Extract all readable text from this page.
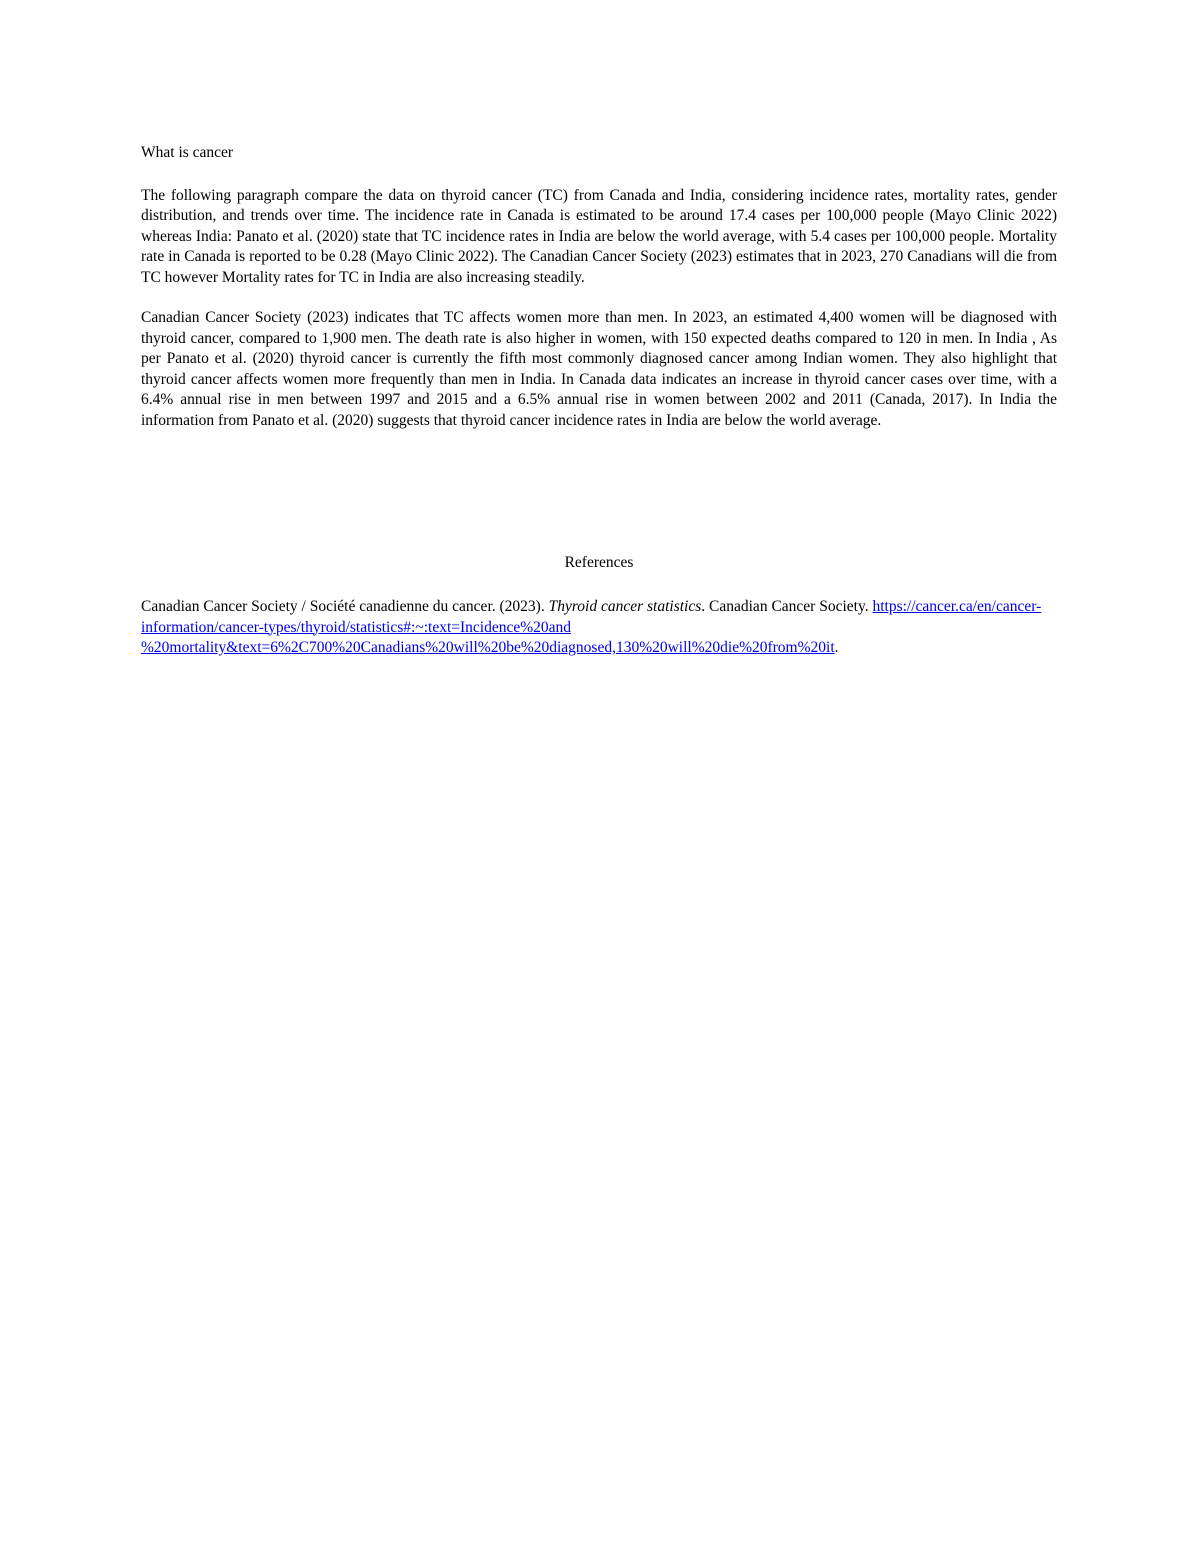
What is cancer

The following paragraph compare the data on thyroid cancer (TC) from Canada and India, considering incidence rates, mortality rates, gender distribution, and trends over time. The incidence rate in Canada is estimated to be around 17.4 cases per 100,000 people (Mayo Clinic 2022) whereas India: Panato et al. (2020) state that TC incidence rates in India are below the world average, with 5.4 cases per 100,000 people. Mortality rate in Canada is reported to be 0.28 (Mayo Clinic 2022). The Canadian Cancer Society (2023) estimates that in 2023, 270 Canadians will die from TC however Mortality rates for TC in India are also increasing steadily.

Canadian Cancer Society (2023) indicates that TC affects women more than men. In 2023, an estimated 4,400 women will be diagnosed with thyroid cancer, compared to 1,900 men. The death rate is also higher in women, with 150 expected deaths compared to 120 in men. In India , As per Panato et al. (2020) thyroid cancer is currently the fifth most commonly diagnosed cancer among Indian women. They also highlight that thyroid cancer affects women more frequently than men in India. In Canada data indicates an increase in thyroid cancer cases over time, with a 6.4% annual rise in men between 1997 and 2015 and a 6.5% annual rise in women between 2002 and 2011 (Canada, 2017). In India the information from Panato et al. (2020) suggests that thyroid cancer incidence rates in India are below the world average.

References

Canadian Cancer Society / Société canadienne du cancer. (2023). Thyroid cancer statistics. Canadian Cancer Society. https://cancer.ca/en/cancer-information/cancer-types/thyroid/statistics#:~:text=Incidence%20and
%20mortality&text=6%2C700%20Canadians%20will%20be%20diagnosed,130%20will%20die%20from%20it.
